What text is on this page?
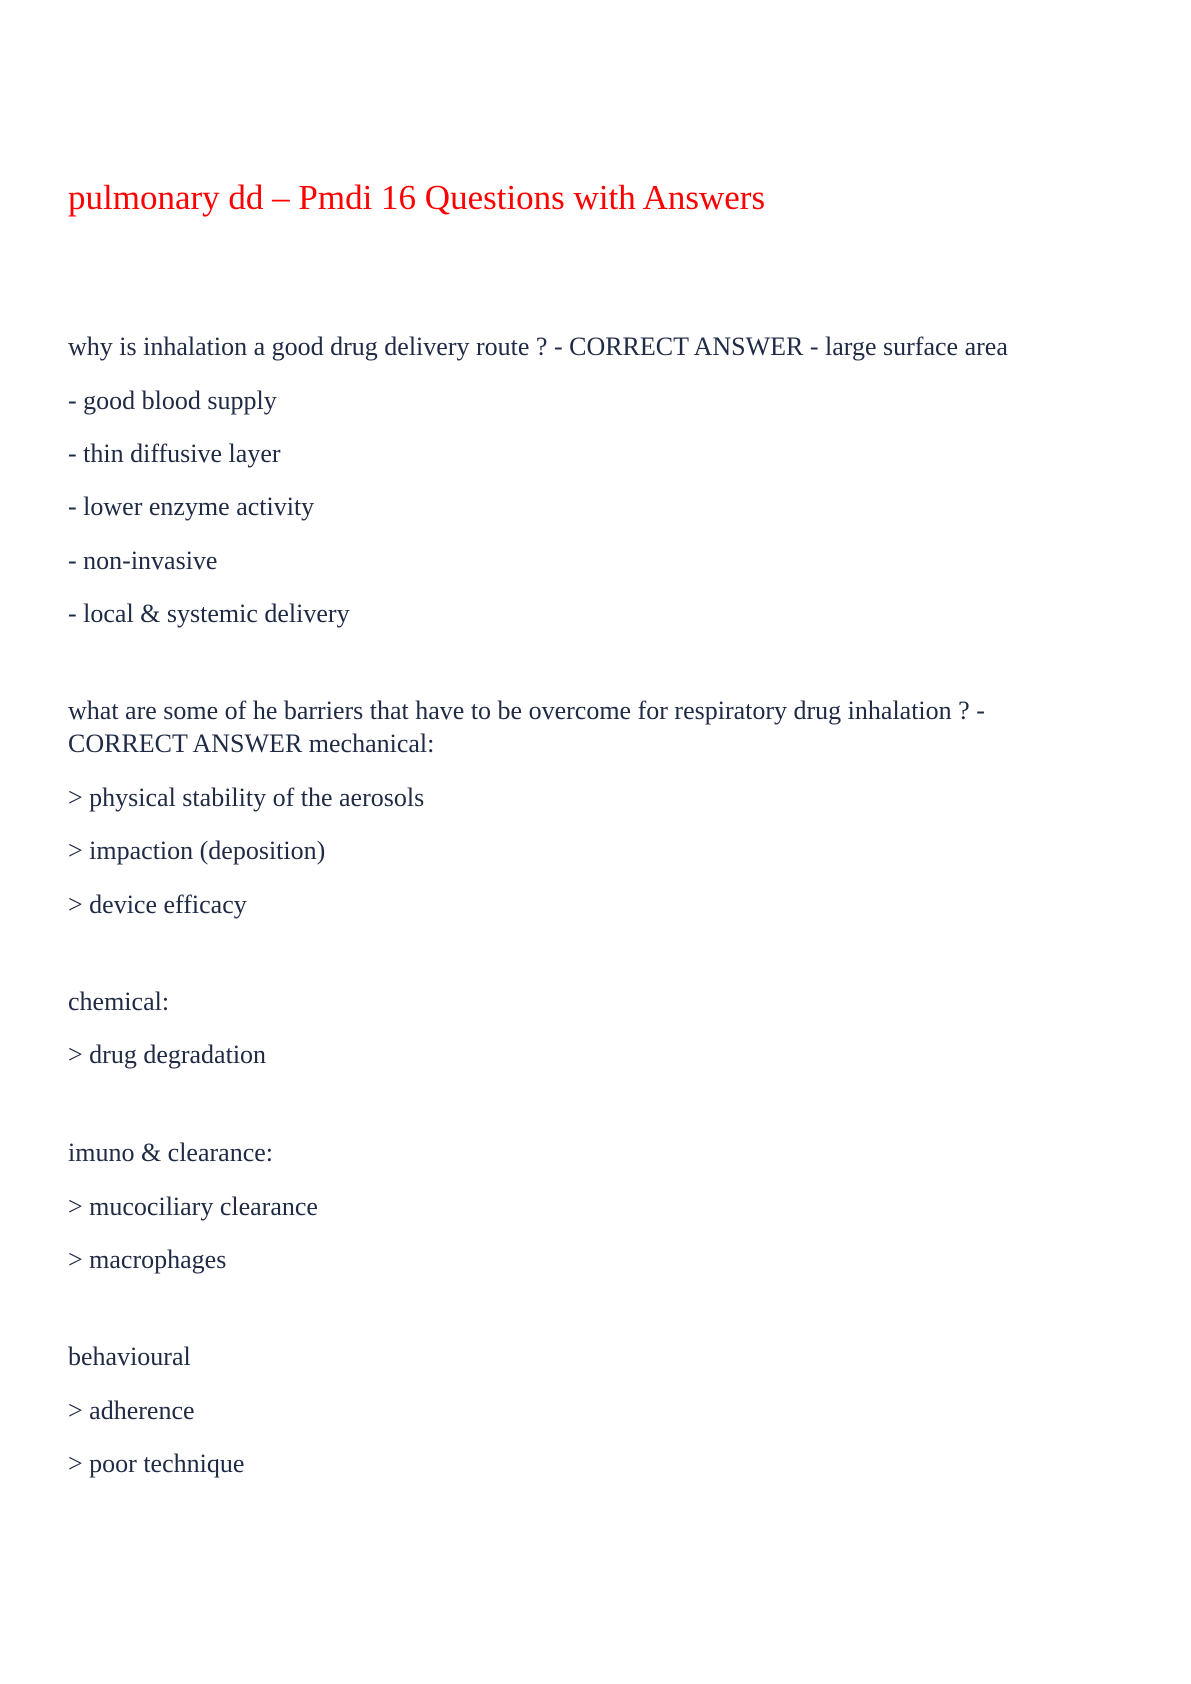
pulmonary dd – Pmdi 16 Questions with Answers
why is inhalation a good drug delivery route ? - CORRECT ANSWER - large surface area
- good blood supply
- thin diffusive layer
- lower enzyme activity
- non-invasive
- local & systemic delivery
what are some of he barriers that have to be overcome for respiratory drug inhalation ? -
CORRECT ANSWER mechanical:
> physical stability of the aerosols
> impaction (deposition)
> device efficacy
chemical:
> drug degradation
imuno & clearance:
> mucociliary clearance
> macrophages
behavioural
> adherence
> poor technique
